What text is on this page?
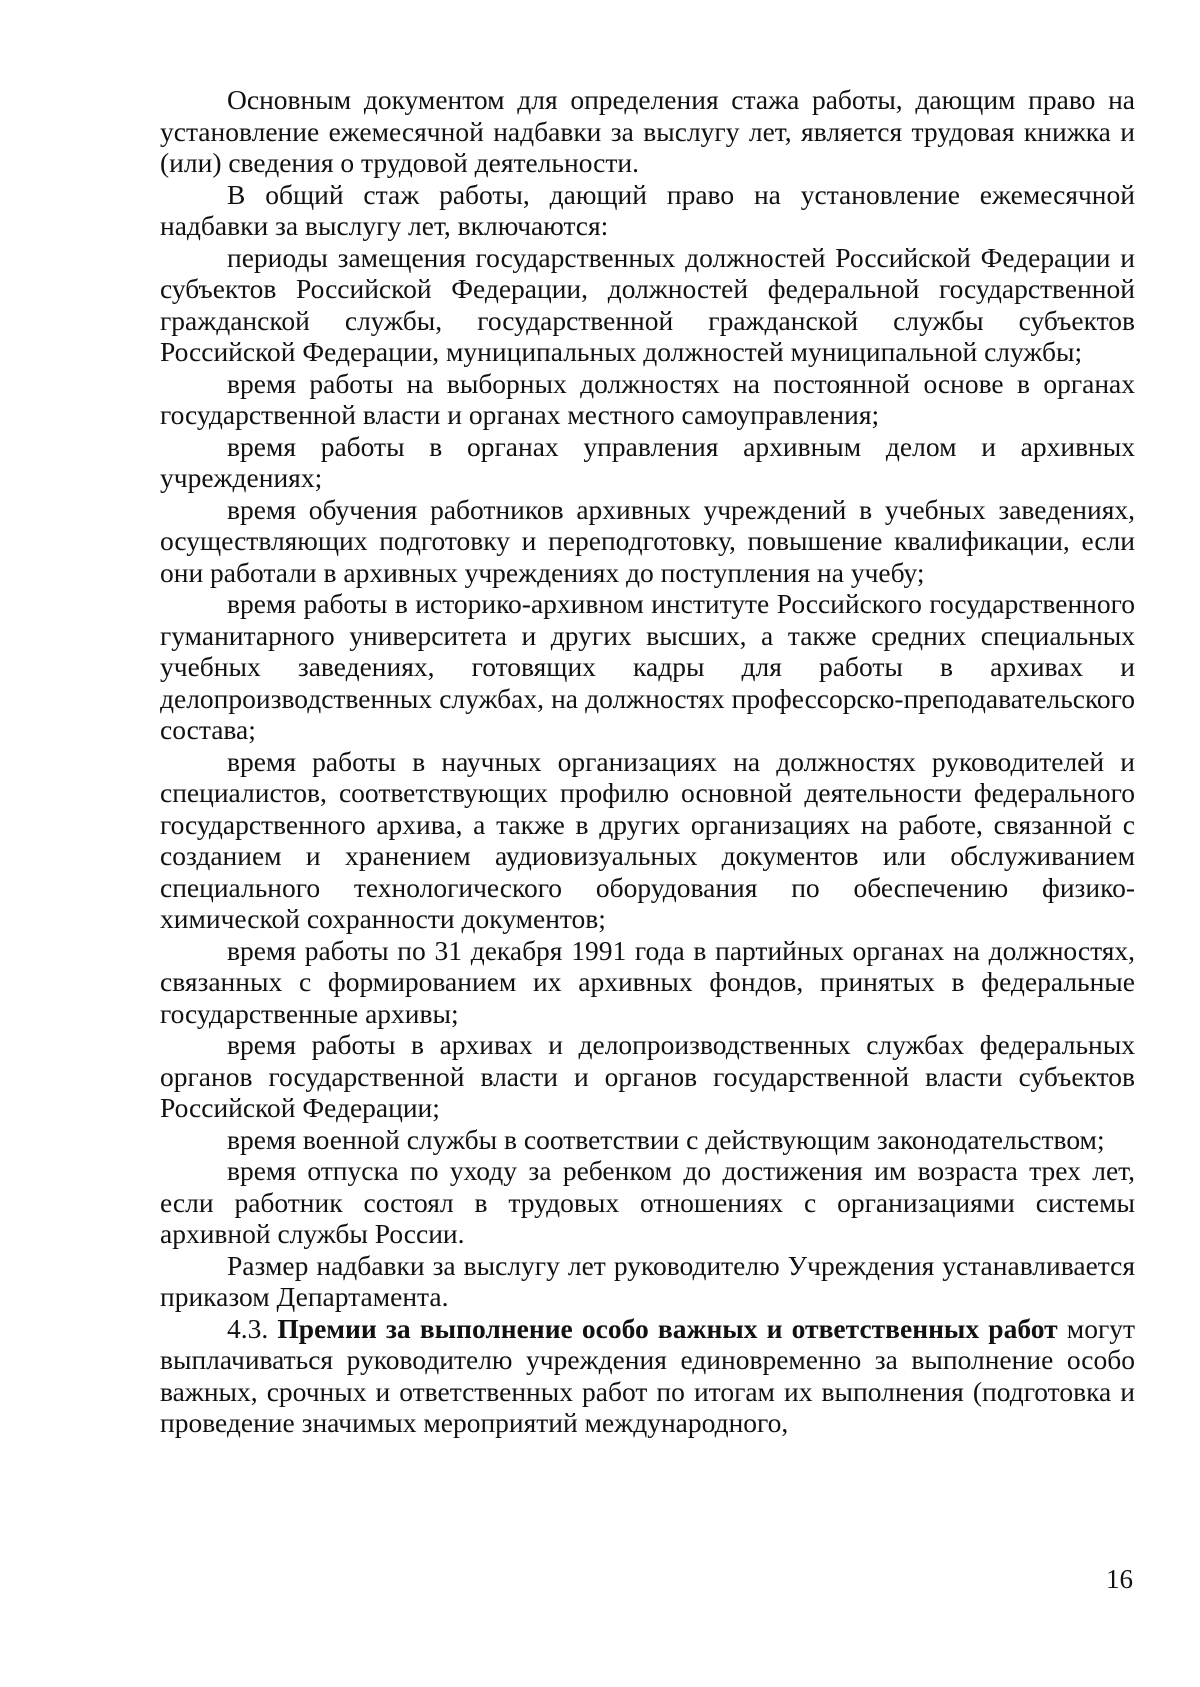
Основным документом для определения стажа работы, дающим право на установление ежемесячной надбавки за выслугу лет, является трудовая книжка и (или) сведения о трудовой деятельности.

В общий стаж работы, дающий право на установление ежемесячной надбавки за выслугу лет, включаются:

периоды замещения государственных должностей Российской Федерации и субъектов Российской Федерации, должностей федеральной государственной гражданской службы, государственной гражданской службы субъектов Российской Федерации, муниципальных должностей муниципальной службы;

время работы на выборных должностях на постоянной основе в органах государственной власти и органах местного самоуправления;

время работы в органах управления архивным делом и архивных учреждениях;

время обучения работников архивных учреждений в учебных заведениях, осуществляющих подготовку и переподготовку, повышение квалификации, если они работали в архивных учреждениях до поступления на учебу;

время работы в историко-архивном институте Российского государственного гуманитарного университета и других высших, а также средних специальных учебных заведениях, готовящих кадры для работы в архивах и делопроизводственных службах, на должностях профессорско-преподавательского состава;

время работы в научных организациях на должностях руководителей и специалистов, соответствующих профилю основной деятельности федерального государственного архива, а также в других организациях на работе, связанной с созданием и хранением аудиовизуальных документов или обслуживанием специального технологического оборудования по обеспечению физико-химической сохранности документов;

время работы по 31 декабря 1991 года в партийных органах на должностях, связанных с формированием их архивных фондов, принятых в федеральные государственные архивы;

время работы в архивах и делопроизводственных службах федеральных органов государственной власти и органов государственной власти субъектов Российской Федерации;

время военной службы в соответствии с действующим законодательством;

время отпуска по уходу за ребенком до достижения им возраста трех лет, если работник состоял в трудовых отношениях с организациями системы архивной службы России.

Размер надбавки за выслугу лет руководителю Учреждения устанавливается приказом Департамента.

4.3. Премии за выполнение особо важных и ответственных работ могут выплачиваться руководителю учреждения единовременно за выполнение особо важных, срочных и ответственных работ по итогам их выполнения (подготовка и проведение значимых мероприятий международного,

16
